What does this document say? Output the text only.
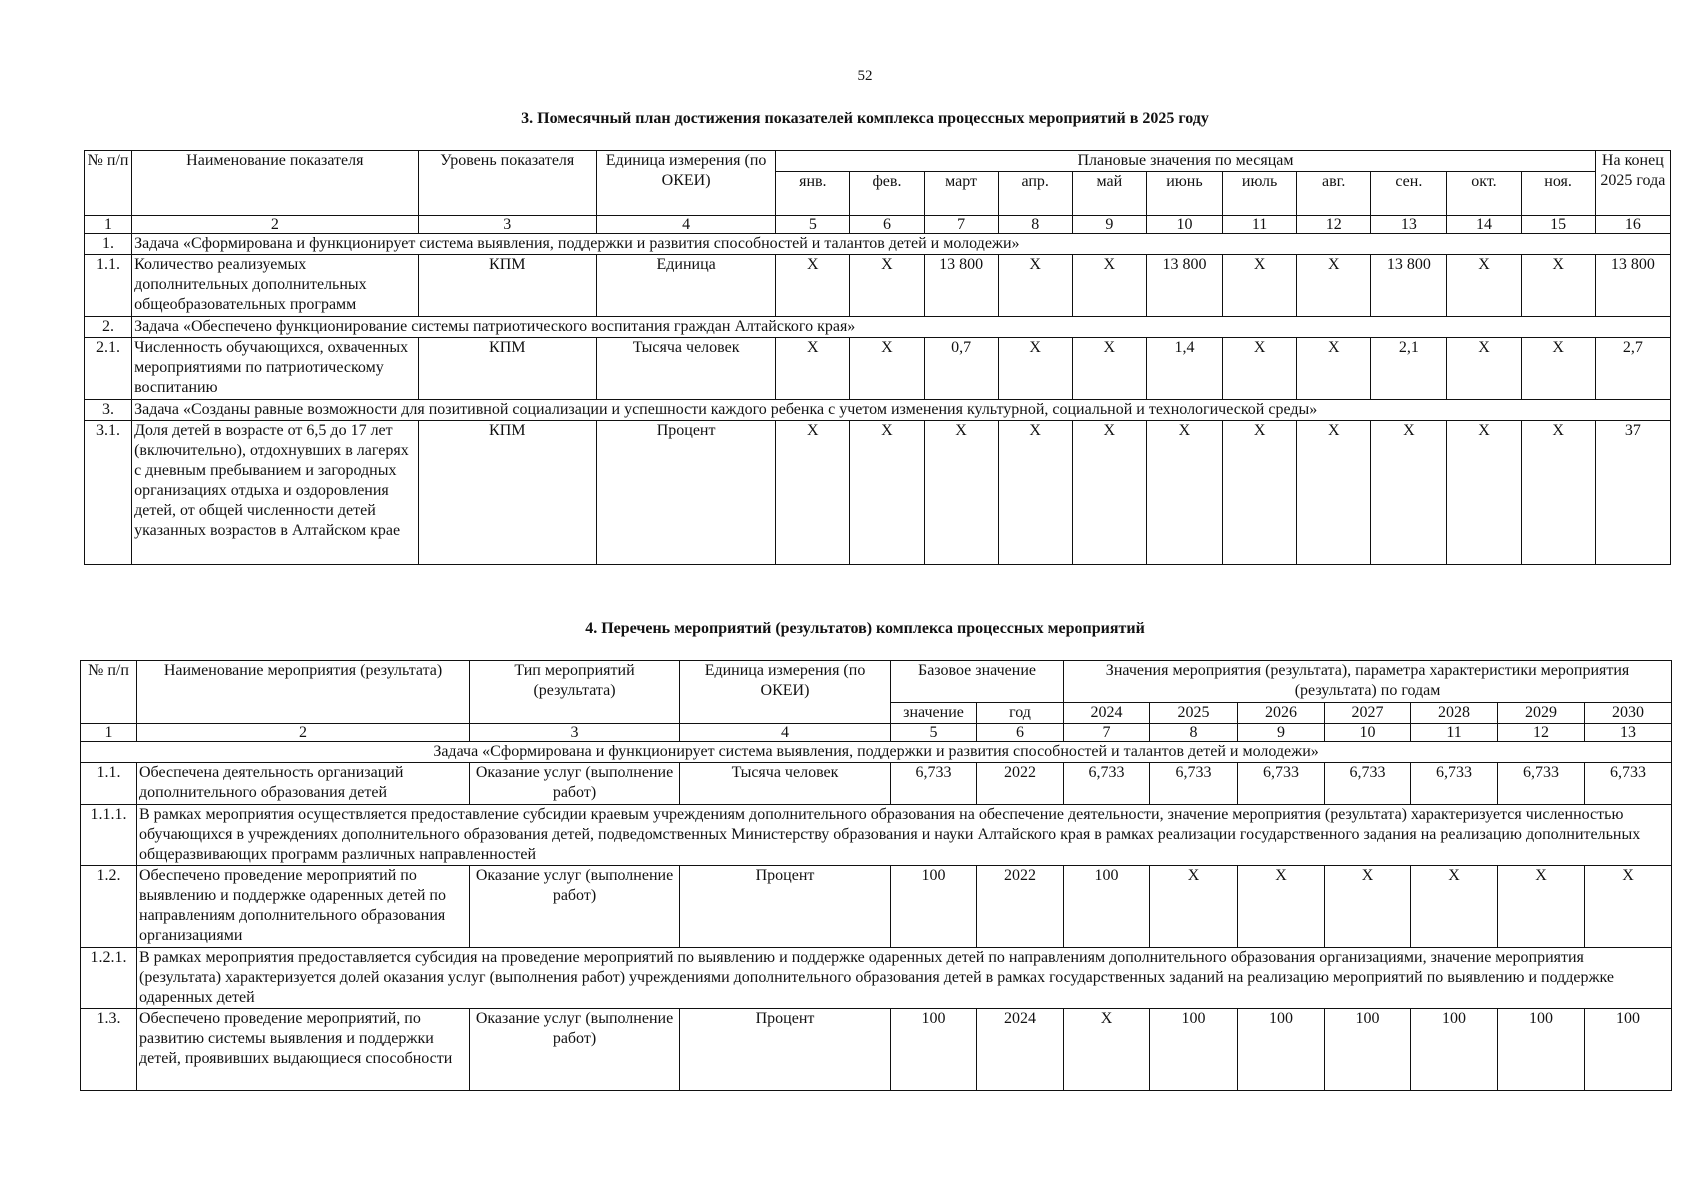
52
3. Помесячный план достижения показателей комплекса процессных мероприятий в 2025 году
№ п/п	Наименование показателя	Уровень показателя	Единица измерения (по ОКЕИ)	Плановые значения по месяцам											На конец 2025 года
				янв.	фев.	март	апр.	май	июнь	июль	авг.	сен.	окт.	ноя.	
1	2	3	4	5	6	7	8	9	10	11	12	13	14	15	16
1.	Задача «Сформирована и функционирует система выявления, поддержки и развития способностей и талантов детей и молодежи»														
1.1.	Количество реализуемых дополнительных дополнительных общеобразовательных программ	КПМ	Единица	X	X	13 800	X	X	13 800	X	X	13 800	X	X	13 800
2.	Задача «Обеспечено функционирование системы патриотического воспитания граждан Алтайского края»														
2.1.	Численность обучающихся, охваченных мероприятиями по патриотическому воспитанию	КПМ	Тысяча человек	X	X	0,7	X	X	1,4	X	X	2,1	X	X	2,7
3.	Задача «Созданы равные возможности для позитивной социализации и успешности каждого ребенка с учетом изменения культурной, социальной и технологической среды»														
3.1.	Доля детей в возрасте от 6,5 до 17 лет (включительно), отдохнувших в лагерях с дневным пребыванием и загородных организациях отдыха и оздоровления детей, от общей численности детей указанных возрастов в Алтайском крае	КПМ	Процент	X	X	X	X	X	X	X	X	X	X	X	37
4. Перечень мероприятий (результатов) комплекса процессных мероприятий
№ п/п	Наименование мероприятия (результата)	Тип мероприятий (результата)	Единица измерения (по ОКЕИ)	Базовое значение		Значения мероприятия (результата), параметра характеристики мероприятия (результата) по годам						
				значение	год	2024	2025	2026	2027	2028	2029	2030
1	2	3	4	5	6	7	8	9	10	11	12	13
Задача «Сформирована и функционирует система выявления, поддержки и развития способностей и талантов детей и молодежи»												
1.1.	Обеспечена деятельность организаций дополнительного образования детей	Оказание услуг (выполнение работ)	Тысяча человек	6,733	2022	6,733	6,733	6,733	6,733	6,733	6,733	6,733
1.1.1.	В рамках мероприятия осуществляется предоставление субсидии краевым учреждениям дополнительного образования на обеспечение деятельности, значение мероприятия (результата) характеризуется численностью обучающихся в учреждениях дополнительного образования детей, подведомственных Министерству образования и науки Алтайского края в рамках реализации государственного задания на реализацию дополнительных общеразвивающих программ различных направленностей											
1.2.	Обеспечено проведение мероприятий по выявлению и поддержке одаренных детей по направлениям дополнительного образования организациями	Оказание услуг (выполнение работ)	Процент	100	2022	100	X	X	X	X	X	X
1.2.1.	В рамках мероприятия предоставляется субсидия на проведение мероприятий по выявлению и поддержке одаренных детей по направлениям дополнительного образования организациями, значение мероприятия (результата) характеризуется долей оказания услуг (выполнения работ) учреждениями дополнительного образования детей в рамках государственных заданий на реализацию мероприятий по выявлению и поддержке одаренных детей											
1.3.	Обеспечено проведение мероприятий, по развитию системы выявления и поддержки детей, проявивших выдающиеся способности	Оказание услуг (выполнение работ)	Процент	100	2024	X	100	100	100	100	100	100
